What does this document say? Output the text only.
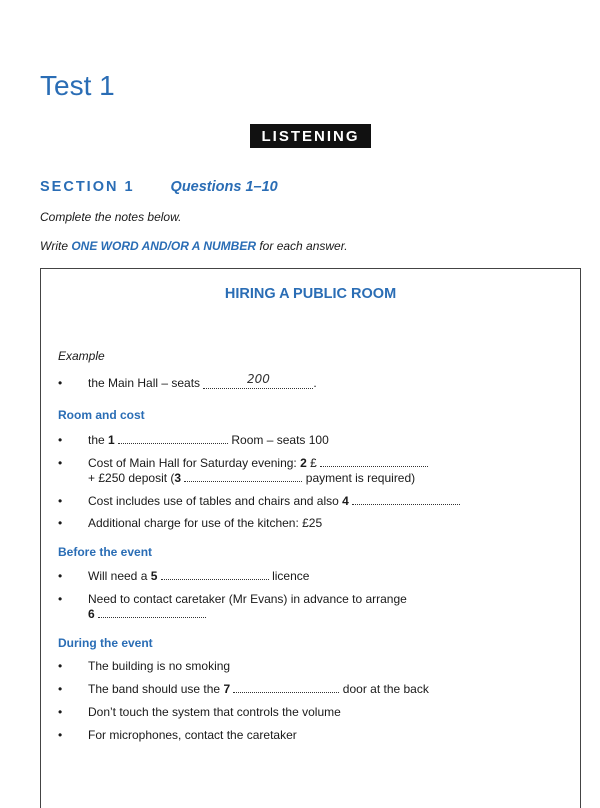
Test 1
LISTENING
SECTION 1 Questions 1–10
Complete the notes below.
Write ONE WORD AND/OR A NUMBER for each answer.
HIRING A PUBLIC ROOM
Example
•	the Main Hall – seats	200	.
Room and cost
•	the 1	Room – seats 100
•	Cost of Main Hall for Saturday evening: 2 £
+ £250 deposit (3	payment is required)
•	Cost includes use of tables and chairs and also 4
•	Additional charge for use of the kitchen: £25
Before the event
•	Will need a 5	licence
•	Need to contact caretaker (Mr Evans) in advance to arrange
6
During the event
•	The building is no smoking
•	The band should use the 7	door at the back
•	Don’t touch the system that controls the volume
•	For microphones, contact the caretaker
